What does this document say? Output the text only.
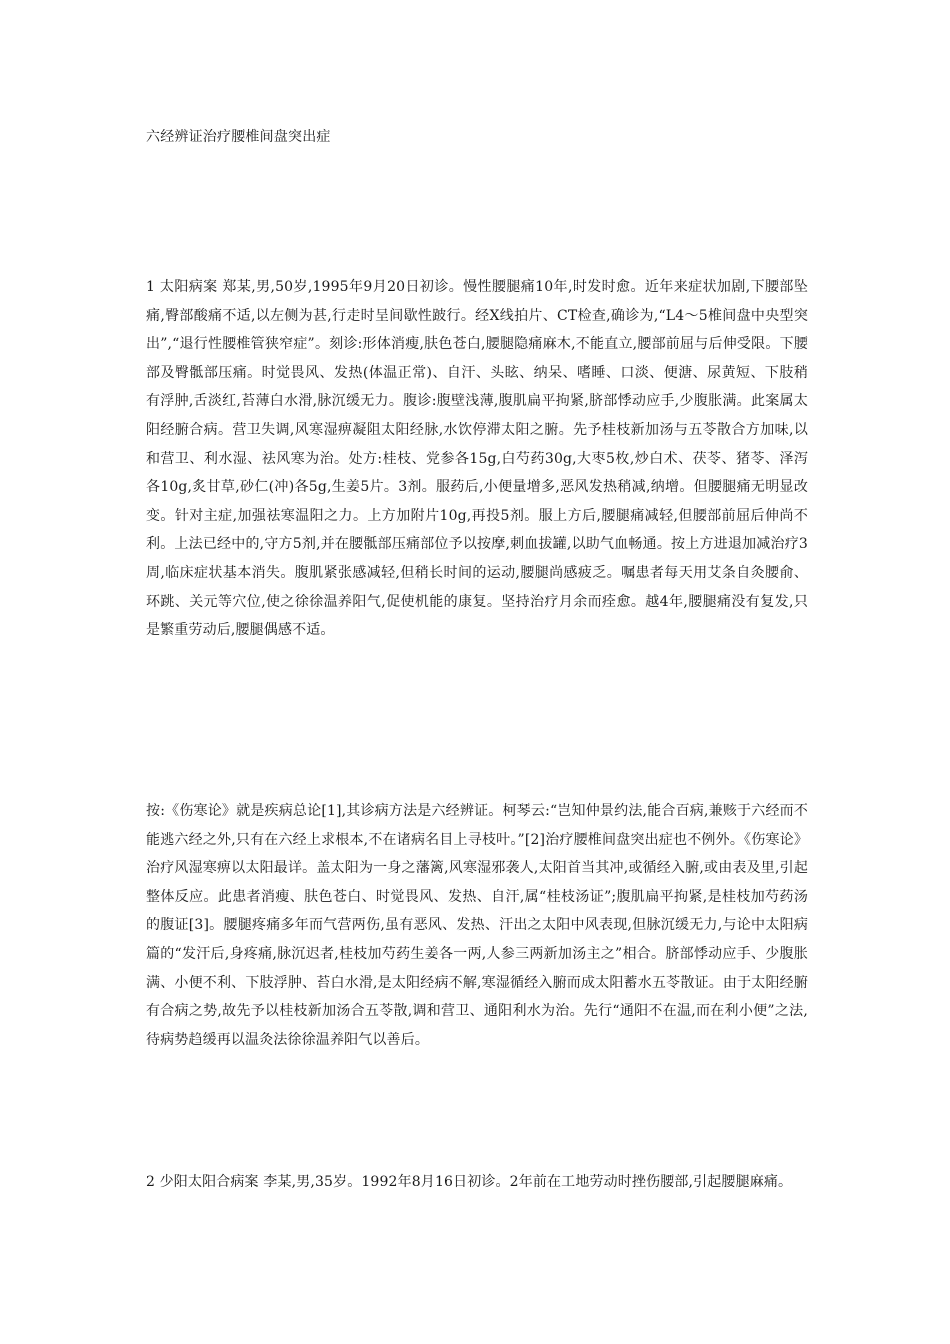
六经辨证治疗腰椎间盘突出症

1 太阳病案 郑某,男,50岁,1995年9月20日初诊。慢性腰腿痛10年,时发时愈。近年来症状加剧,下腰部坠痛,臀部酸痛不适,以左侧为甚,行走时呈间歇性跛行。经X线拍片、CT检查,确诊为,“L4～5椎间盘中央型突出”,“退行性腰椎管狭窄症”。刻诊:形体消瘦,肤色苍白,腰腿隐痛麻木,不能直立,腰部前屈与后伸受限。下腰部及臀骶部压痛。时觉畏风、发热(体温正常)、自汗、头眩、纳呆、嗜睡、口淡、便溏、尿黄短、下肢稍有浮肿,舌淡红,苔薄白水滑,脉沉缓无力。腹诊:腹壁浅薄,腹肌扁平拘紧,脐部悸动应手,少腹胀满。此案属太阳经腑合病。营卫失调,风寒湿痹凝阻太阳经脉,水饮停滞太阳之腑。先予桂枝新加汤与五苓散合方加味,以和营卫、利水湿、祛风寒为治。处方:桂枝、党参各15g,白芍药30g,大枣5枚,炒白术、茯苓、猪苓、泽泻各10g,炙甘草,砂仁(冲)各5g,生姜5片。3剂。服药后,小便量增多,恶风发热稍减,纳增。但腰腿痛无明显改变。针对主症,加强祛寒温阳之力。上方加附片10g,再投5剂。服上方后,腰腿痛减轻,但腰部前屈后伸尚不利。上法已经中的,守方5剂,并在腰骶部压痛部位予以按摩,刺血拔罐,以助气血畅通。按上方进退加减治疗3周,临床症状基本消失。腹肌紧张感减轻,但稍长时间的运动,腰腿尚感疲乏。嘱患者每天用艾条自灸腰俞、环跳、关元等穴位,使之徐徐温养阳气,促使机能的康复。坚持治疗月余而痊愈。越4年,腰腿痛没有复发,只是繁重劳动后,腰腿偶感不适。

按:《伤寒论》就是疾病总论[1],其诊病方法是六经辨证。柯琴云:“岂知仲景约法,能合百病,兼赅于六经而不能逃六经之外,只有在六经上求根本,不在诸病名目上寻枝叶。”[2]治疗腰椎间盘突出症也不例外。《伤寒论》治疗风湿寒痹以太阳最详。盖太阳为一身之藩篱,风寒湿邪袭人,太阳首当其冲,或循经入腑,或由表及里,引起整体反应。此患者消瘦、肤色苍白、时觉畏风、发热、自汗,属“桂枝汤证”;腹肌扁平拘紧,是桂枝加芍药汤的腹证[3]。腰腿疼痛多年而气营两伤,虽有恶风、发热、汗出之太阳中风表现,但脉沉缓无力,与论中太阳病篇的“发汗后,身疼痛,脉沉迟者,桂枝加芍药生姜各一两,人参三两新加汤主之”相合。脐部悸动应手、少腹胀满、小便不利、下肢浮肿、苔白水滑,是太阳经病不解,寒湿循经入腑而成太阳蓄水五苓散证。由于太阳经腑有合病之势,故先予以桂枝新加汤合五苓散,调和营卫、通阳利水为治。先行“通阳不在温,而在利小便”之法,待病势趋缓再以温灸法徐徐温养阳气以善后。

2 少阳太阳合病案 李某,男,35岁。1992年8月16日初诊。2年前在工地劳动时挫伤腰部,引起腰腿麻痛。
